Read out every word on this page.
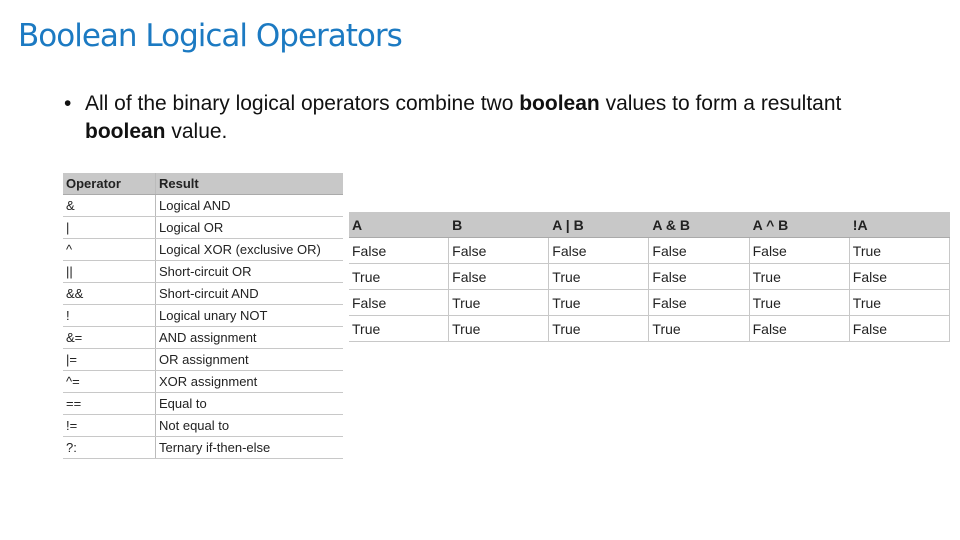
Boolean Logical Operators
• All of the binary logical operators combine two boolean values to form a resultant boolean value.
Operator	Result
&	Logical AND
|	Logical OR
^	Logical XOR (exclusive OR)
||	Short-circuit OR
&&	Short-circuit AND
!	Logical unary NOT
&=	AND assignment
|=	OR assignment
^=	XOR assignment
==	Equal to
!=	Not equal to
?:	Ternary if-then-else
A	B	A | B	A & B	A ^ B	!A
False	False	False	False	False	True
True	False	True	False	True	False
False	True	True	False	True	True
True	True	True	True	False	False
